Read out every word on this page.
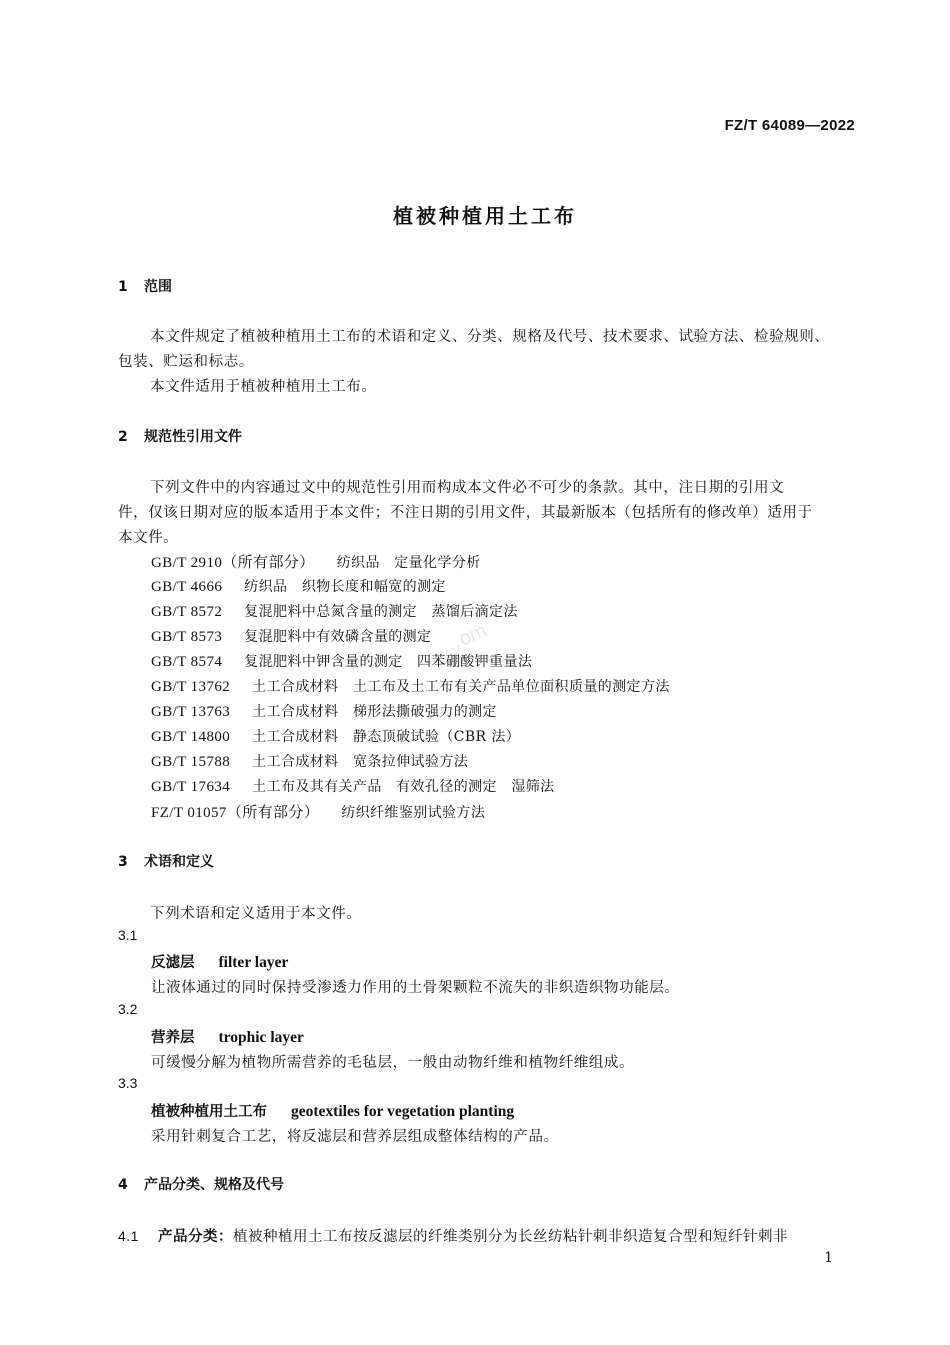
FZ/T 64089—2022
植被种植用土工布
…om
1 范围
本文件规定了植被种植用土工布的术语和定义、分类、规格及代号、技术要求、试验方法、检验规则、
包装、贮运和标志。
本文件适用于植被种植用土工布。
2 规范性引用文件
下列文件中的内容通过文中的规范性引用而构成本文件必不可少的条款。其中，注日期的引用文
件，仅该日期对应的版本适用于本文件；不注日期的引用文件，其最新版本（包括所有的修改单）适用于
本文件。
GB/T 2910（所有部分） 纺织品　定量化学分析
GB/T 4666 纺织品　织物长度和幅宽的测定
GB/T 8572 复混肥料中总氮含量的测定　蒸馏后滴定法
GB/T 8573 复混肥料中有效磷含量的测定
GB/T 8574 复混肥料中钾含量的测定　四苯硼酸钾重量法
GB/T 13762 土工合成材料　土工布及土工布有关产品单位面积质量的测定方法
GB/T 13763 土工合成材料　梯形法撕破强力的测定
GB/T 14800 土工合成材料　静态顶破试验（CBR 法）
GB/T 15788 土工合成材料　宽条拉伸试验方法
GB/T 17634 土工布及其有关产品　有效孔径的测定　湿筛法
FZ/T 01057（所有部分） 纺织纤维鉴别试验方法
3 术语和定义
下列术语和定义适用于本文件。
3.1
反滤层 filter layer
让液体通过的同时保持受渗透力作用的土骨架颗粒不流失的非织造织物功能层。
3.2
营养层 trophic layer
可缓慢分解为植物所需营养的毛毡层，一般由动物纤维和植物纤维组成。
3.3
植被种植用土工布 geotextiles for vegetation planting
采用针刺复合工艺，将反滤层和营养层组成整体结构的产品。
4 产品分类、规格及代号
4.1 产品分类：植被种植用土工布按反滤层的纤维类别分为长丝纺粘针刺非织造复合型和短纤针刺非
1
